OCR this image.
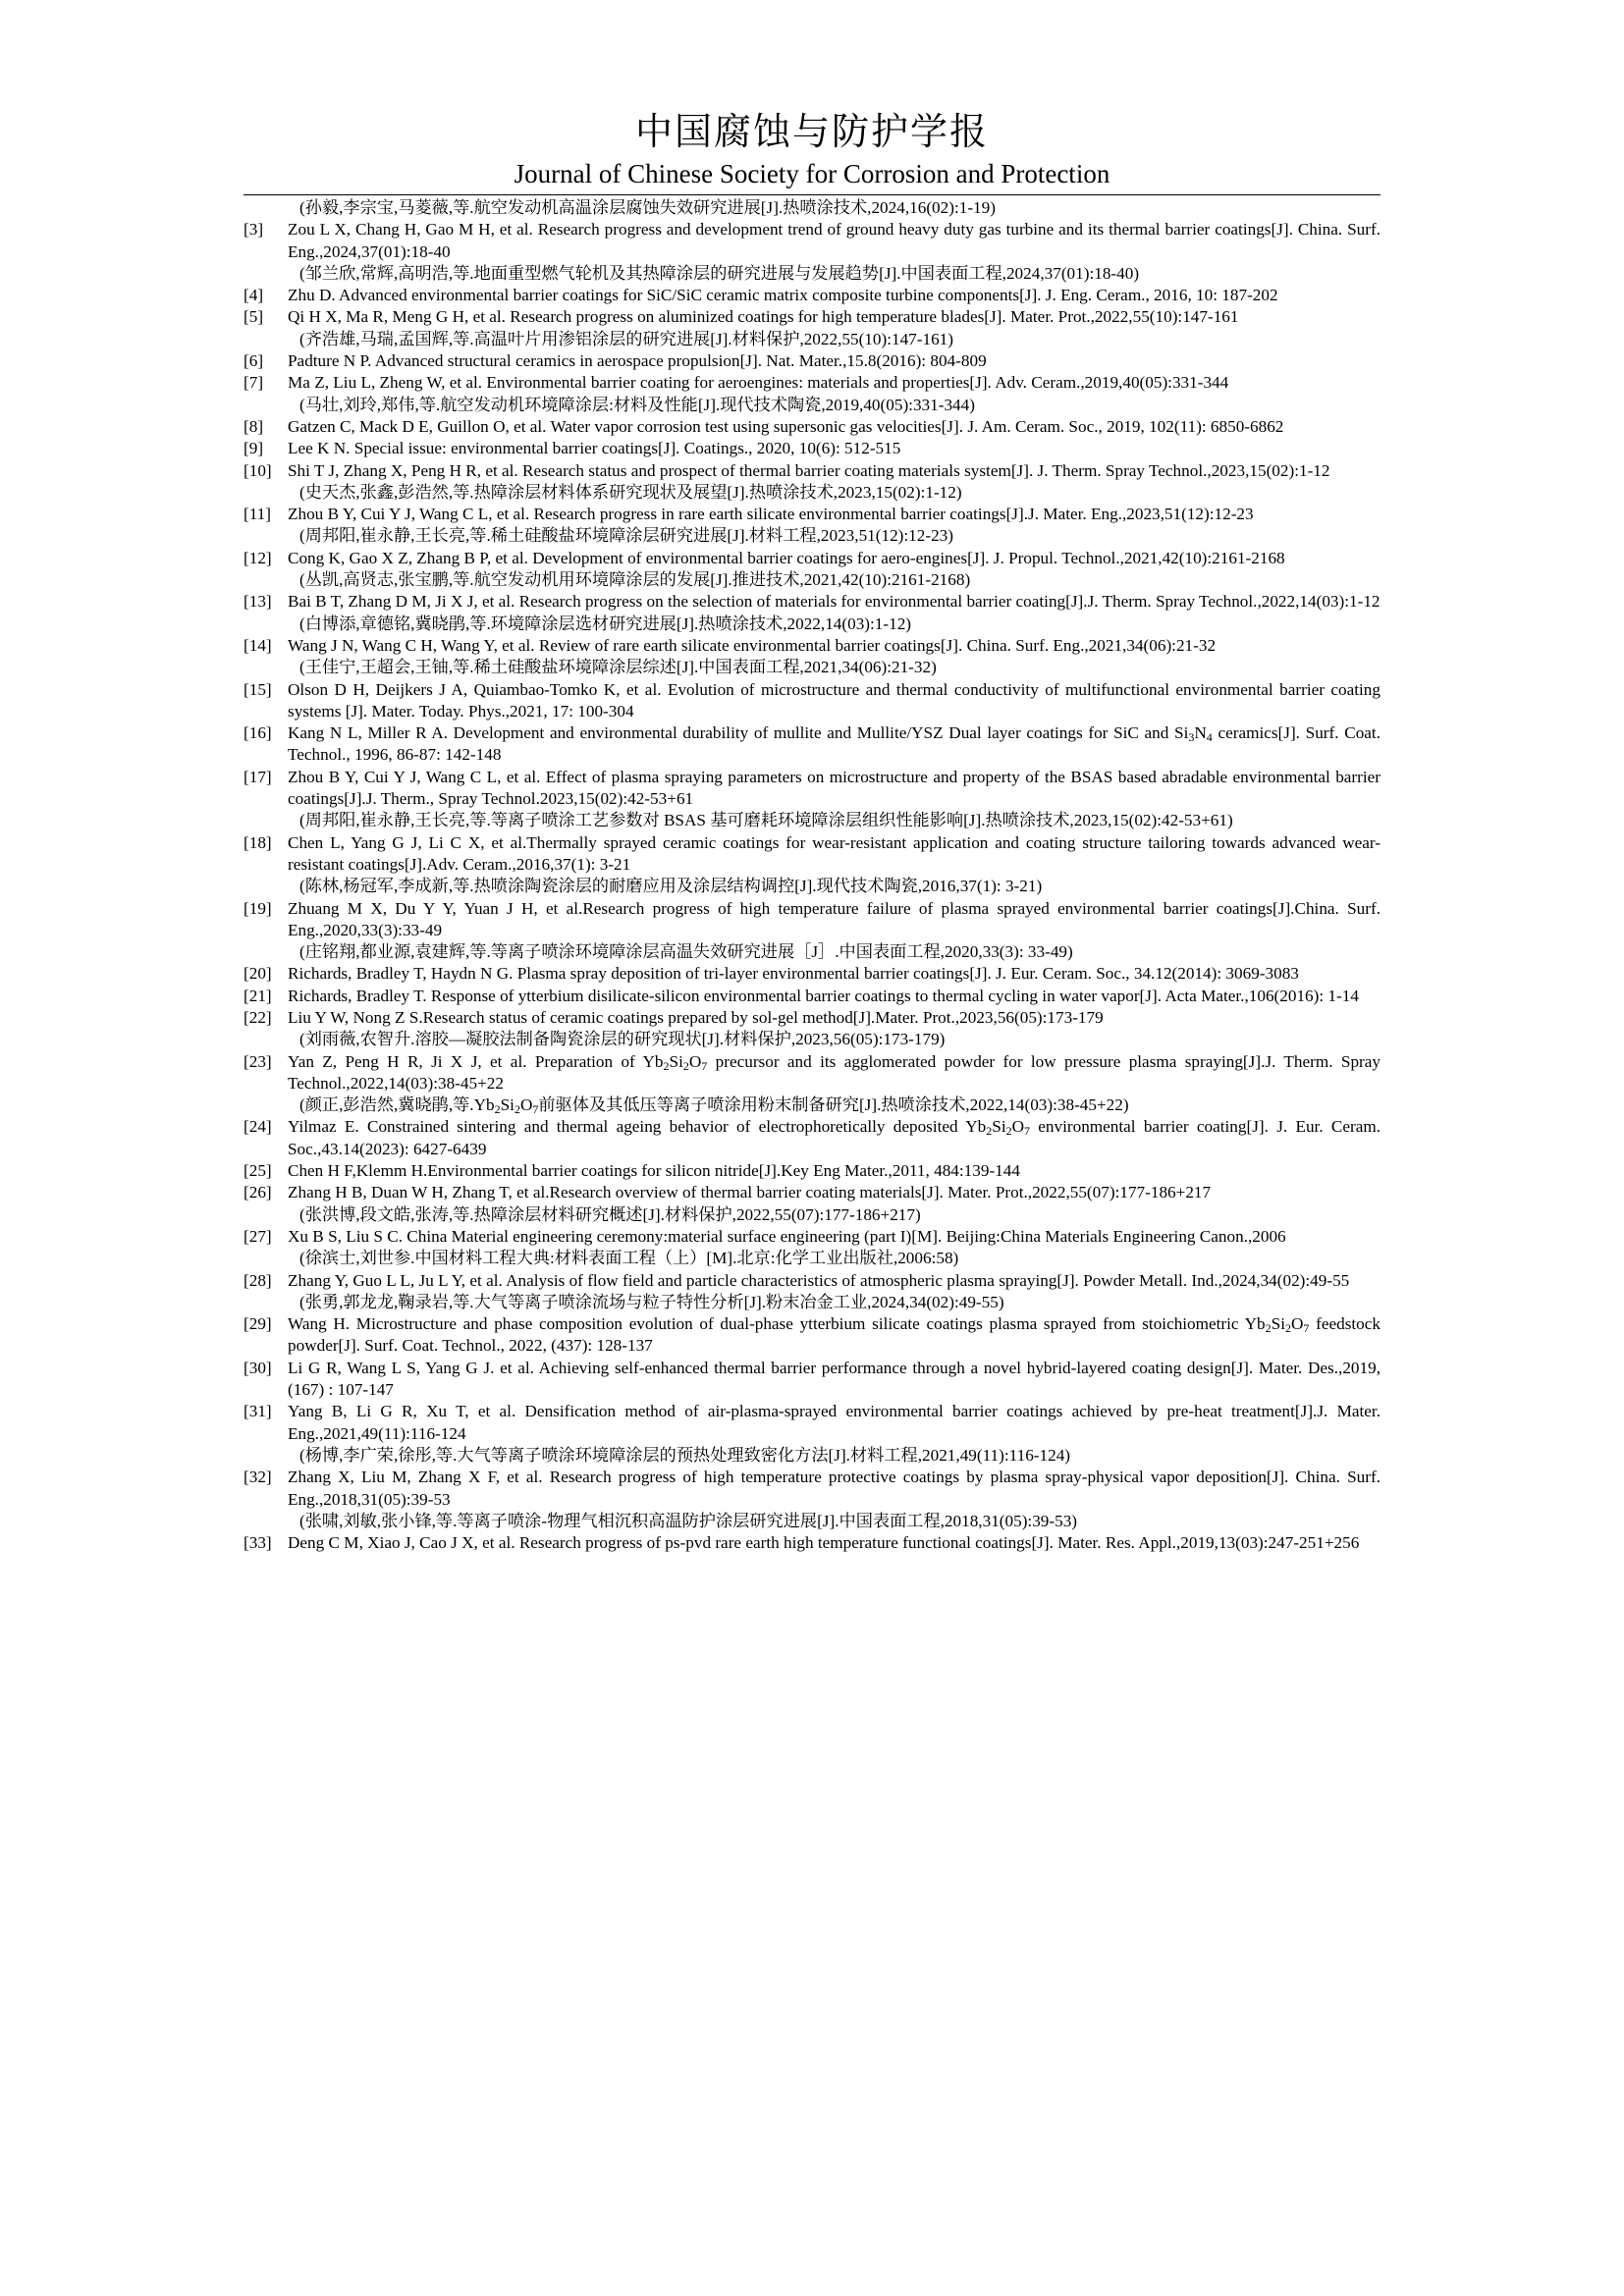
中国腐蚀与防护学报
Journal of Chinese Society for Corrosion and Protection
(孙毅,李宗宝,马菱薇,等.航空发动机高温涂层腐蚀失效研究进展[J].热喷涂技术,2024,16(02):1-19)
[3] Zou L X, Chang H, Gao M H, et al. Research progress and development trend of ground heavy duty gas turbine and its thermal barrier coatings[J]. China. Surf. Eng.,2024,37(01):18-40
(邹兰欣,常辉,高明浩,等.地面重型燃气轮机及其热障涂层的研究进展与发展趋势[J].中国表面工程,2024,37(01):18-40)
[4] Zhu D. Advanced environmental barrier coatings for SiC/SiC ceramic matrix composite turbine components[J]. J. Eng. Ceram., 2016, 10: 187-202
[5] Qi H X, Ma R, Meng G H, et al. Research progress on aluminized coatings for high temperature blades[J]. Mater. Prot.,2022,55(10):147-161
(齐浩雄,马瑞,孟国辉,等.高温叶片用渗铝涂层的研究进展[J].材料保护,2022,55(10):147-161)
[6] Padture N P. Advanced structural ceramics in aerospace propulsion[J]. Nat. Mater.,15.8(2016): 804-809
[7] Ma Z, Liu L, Zheng W, et al. Environmental barrier coating for aeroengines: materials and properties[J]. Adv. Ceram.,2019,40(05):331-344
(马壮,刘玲,郑伟,等.航空发动机环境障涂层:材料及性能[J].现代技术陶瓷,2019,40(05):331-344)
[8] Gatzen C, Mack D E, Guillon O, et al. Water vapor corrosion test using supersonic gas velocities[J]. J. Am. Ceram. Soc., 2019, 102(11): 6850-6862
[9] Lee K N. Special issue: environmental barrier coatings[J]. Coatings., 2020, 10(6): 512-515
[10] Shi T J, Zhang X, Peng H R, et al. Research status and prospect of thermal barrier coating materials system[J]. J. Therm. Spray Technol.,2023,15(02):1-12
(史天杰,张鑫,彭浩然,等.热障涂层材料体系研究现状及展望[J].热喷涂技术,2023,15(02):1-12)
[11] Zhou B Y, Cui Y J, Wang C L, et al. Research progress in rare earth silicate environmental barrier coatings[J].J. Mater. Eng.,2023,51(12):12-23
(周邦阳,崔永静,王长亮,等.稀土硅酸盐环境障涂层研究进展[J].材料工程,2023,51(12):12-23)
[12] Cong K, Gao X Z, Zhang B P, et al. Development of environmental barrier coatings for aero-engines[J]. J. Propul. Technol.,2021,42(10):2161-2168
(丛凯,高贤志,张宝鹏,等.航空发动机用环境障涂层的发展[J].推进技术,2021,42(10):2161-2168)
[13] Bai B T, Zhang D M, Ji X J, et al. Research progress on the selection of materials for environmental barrier coating[J].J. Therm. Spray Technol.,2022,14(03):1-12
(白博添,章德铭,冀晓鹃,等.环境障涂层选材研究进展[J].热喷涂技术,2022,14(03):1-12)
[14] Wang J N, Wang C H, Wang Y, et al. Review of rare earth silicate environmental barrier coatings[J]. China. Surf. Eng.,2021,34(06):21-32
(王佳宁,王超会,王铀,等.稀土硅酸盐环境障涂层综述[J].中国表面工程,2021,34(06):21-32)
[15] Olson D H, Deijkers J A, Quiambao-Tomko K, et al. Evolution of microstructure and thermal conductivity of multifunctional environmental barrier coating systems [J]. Mater. Today. Phys.,2021, 17: 100-304
[16] Kang N L, Miller R A. Development and environmental durability of mullite and Mullite/YSZ Dual layer coatings for SiC and $Si_3N_4$ ceramics[J]. Surf. Coat. Technol., 1996, 86-87: 142-148
[17] Zhou B Y, Cui Y J, Wang C L, et al. Effect of plasma spraying parameters on microstructure and property of the BSAS based abradable environmental barrier coatings[J].J. Therm., Spray Technol.2023,15(02):42-53+61
(周邦阳,崔永静,王长亮,等.等离子喷涂工艺参数对 BSAS 基可磨耗环境障涂层组织性能影响[J].热喷涂技术,2023,15(02):42-53+61)
[18] Chen L, Yang G J, Li C X, et al.Thermally sprayed ceramic coatings for wear-resistant application and coating structure tailoring towards advanced wear-resistant coatings[J].Adv. Ceram.,2016,37(1): 3-21
(陈林,杨冠军,李成新,等.热喷涂陶瓷涂层的耐磨应用及涂层结构调控[J].现代技术陶瓷,2016,37(1): 3-21)
[19] Zhuang M X, Du Y Y, Yuan J H, et al.Research progress of high temperature failure of plasma sprayed environmental barrier coatings[J].China. Surf. Eng.,2020,33(3):33-49
(庄铭翔,都业源,袁建辉,等.等离子喷涂环境障涂层高温失效研究进展［J］.中国表面工程,2020,33(3): 33-49)
[20] Richards, Bradley T, Haydn N G. Plasma spray deposition of tri-layer environmental barrier coatings[J]. J. Eur. Ceram. Soc., 34.12(2014): 3069-3083
[21] Richards, Bradley T. Response of ytterbium disilicate-silicon environmental barrier coatings to thermal cycling in water vapor[J]. Acta Mater.,106(2016): 1-14
[22] Liu Y W, Nong Z S.Research status of ceramic coatings prepared by sol-gel method[J].Mater. Prot.,2023,56(05):173-179
(刘雨薇,农智升.溶胶—凝胶法制备陶瓷涂层的研究现状[J].材料保护,2023,56(05):173-179)
[23] Yan Z, Peng H R, Ji X J, et al. Preparation of $Yb_2Si_2O_7$ precursor and its agglomerated powder for low pressure plasma spraying[J].J. Therm. Spray Technol.,2022,14(03):38-45+22
(颜正,彭浩然,冀晓鹃,等$.Yb_2Si_2O_7$前驱体及其低压等离子喷涂用粉末制备研究[J].热喷涂技术,2022,14(03):38-45+22)
[24] Yilmaz E. Constrained sintering and thermal ageing behavior of electrophoretically deposited $Yb_2Si_2O_7$ environmental barrier coating[J]. J. Eur. Ceram. Soc.,43.14(2023): 6427-6439
[25] Chen H F,Klemm H.Environmental barrier coatings for silicon nitride[J].Key Eng Mater.,2011, 484:139-144
[26] Zhang H B, Duan W H, Zhang T, et al.Research overview of thermal barrier coating materials[J]. Mater. Prot.,2022,55(07):177-186+217
(张洪博,段文皓,张涛,等.热障涂层材料研究概述[J].材料保护,2022,55(07):177-186+217)
[27] Xu B S, Liu S C. China Material engineering ceremony:material surface engineering (part I)[M]. Beijing:China Materials Engineering Canon.,2006
(徐滨士,刘世参.中国材料工程大典:材料表面工程（上）[M].北京:化学工业出版社,2006:58)
[28] Zhang Y, Guo L L, Ju L Y, et al. Analysis of flow field and particle characteristics of atmospheric plasma spraying[J]. Powder Metall. Ind.,2024,34(02):49-55
(张勇,郭龙龙,鞠录岩,等.大气等离子喷涂流场与粒子特性分析[J].粉末冶金工业,2024,34(02):49-55)
[29] Wang H. Microstructure and phase composition evolution of dual-phase ytterbium silicate coatings plasma sprayed from stoichiometric $Yb_2Si_2O_7$ feedstock powder[J]. Surf. Coat. Technol., 2022, (437): 128-137
[30] Li G R, Wang L S, Yang G J. et al. Achieving self-enhanced thermal barrier performance through a novel hybrid-layered coating design[J]. Mater. Des.,2019, (167) : 107-147
[31] Yang B, Li G R, Xu T, et al. Densification method of air-plasma-sprayed environmental barrier coatings achieved by pre-heat treatment[J].J. Mater. Eng.,2021,49(11):116-124
(杨博,李广荣,徐彤,等.大气等离子喷涂环境障涂层的预热处理致密化方法[J].材料工程,2021,49(11):116-124)
[32] Zhang X, Liu M, Zhang X F, et al. Research progress of high temperature protective coatings by plasma spray-physical vapor deposition[J]. China. Surf. Eng.,2018,31(05):39-53
(张啸,刘敏,张小锋,等.等离子喷涂-物理气相沉积高温防护涂层研究进展[J].中国表面工程,2018,31(05):39-53)
[33] Deng C M, Xiao J, Cao J X, et al. Research progress of ps-pvd rare earth high temperature functional coatings[J]. Mater. Res. Appl.,2019,13(03):247-251+256
